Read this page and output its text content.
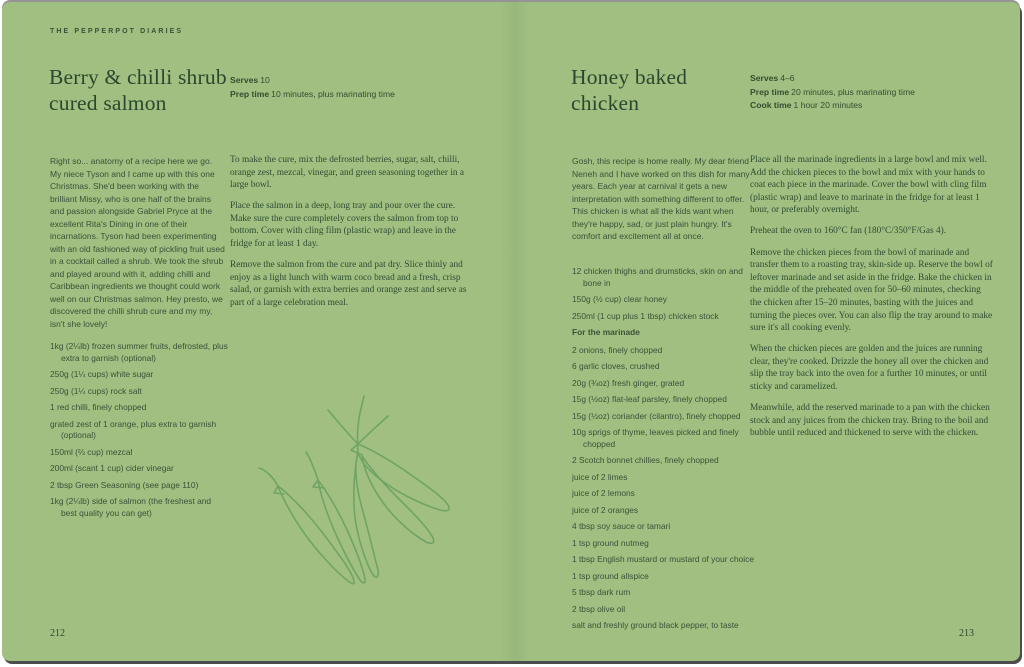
THE PEPPERPOT DIARIES
Berry & chilli shrub cured salmon
Serves 10
Prep time 10 minutes, plus marinating time

Right so... anatomy of a recipe here we go. My niece Tyson and I came up with this one Christmas. She'd been working with the brilliant Missy, who is one half of the brains and passion alongside Gabriel Pryce at the excellent Rita's Dining in one of their incarnations. Tyson had been experimenting with an old fashioned way of pickling fruit used in a cocktail called a shrub. We took the shrub and played around with it, adding chilli and Caribbean ingredients we thought could work well on our Christmas salmon. Hey presto, we discovered the chilli shrub cure and my my, isn't she lovely!

1kg (2¼lb) frozen summer fruits, defrosted, plus extra to garnish (optional)

250g (1¼ cups) white sugar

250g (1¼ cups) rock salt

1 red chilli, finely chopped

grated zest of 1 orange, plus extra to garnish (optional)

150ml (⅔ cup) mezcal

200ml (scant 1 cup) cider vinegar

2 tbsp Green Seasoning (see page 110)

1kg (2¼lb) side of salmon (the freshest and best quality you can get)

To make the cure, mix the defrosted berries, sugar, salt, chilli, orange zest, mezcal, vinegar, and green seasoning together in a large bowl.

Place the salmon in a deep, long tray and pour over the cure. Make sure the cure completely covers the salmon from top to bottom. Cover with cling film (plastic wrap) and leave in the fridge for at least 1 day.

Remove the salmon from the cure and pat dry. Slice thinly and enjoy as a light lunch with warm coco bread and a fresh, crisp salad, or garnish with extra berries and orange zest and serve as part of a large celebration meal.

212
Honey baked chicken
Serves 4–6
Prep time 20 minutes, plus marinating time
Cook time 1 hour 20 minutes

Gosh, this recipe is home really. My dear friend Neneh and I have worked on this dish for many years. Each year at carnival it gets a new interpretation with something different to offer. This chicken is what all the kids want when they're happy, sad, or just plain hungry. It's comfort and excitement all at once.

12 chicken thighs and drumsticks, skin on and bone in

150g (½ cup) clear honey

250ml (1 cup plus 1 tbsp) chicken stock

For the marinade

2 onions, finely chopped

6 garlic cloves, crushed

20g (¾oz) fresh ginger, grated

15g (½oz) flat-leaf parsley, finely chopped

15g (½oz) coriander (cilantro), finely chopped

10g sprigs of thyme, leaves picked and finely chopped

2 Scotch bonnet chillies, finely chopped

juice of 2 limes

juice of 2 lemons

juice of 2 oranges

4 tbsp soy sauce or tamari

1 tsp ground nutmeg

1 tbsp English mustard or mustard of your choice

1 tsp ground allspice

5 tbsp dark rum

2 tbsp olive oil

salt and freshly ground black pepper, to taste

Place all the marinade ingredients in a large bowl and mix well. Add the chicken pieces to the bowl and mix with your hands to coat each piece in the marinade. Cover the bowl with cling film (plastic wrap) and leave to marinate in the fridge for at least 1 hour, or preferably overnight.

Preheat the oven to 160°C fan (180°C/350°F/Gas 4).

Remove the chicken pieces from the bowl of marinade and transfer them to a roasting tray, skin-side up. Reserve the bowl of leftover marinade and set aside in the fridge. Bake the chicken in the middle of the preheated oven for 50–60 minutes, checking the chicken after 15–20 minutes, basting with the juices and turning the pieces over. You can also flip the tray around to make sure it's all cooking evenly.

When the chicken pieces are golden and the juices are running clear, they're cooked. Drizzle the honey all over the chicken and slip the tray back into the oven for a further 10 minutes, or until sticky and caramelized.

Meanwhile, add the reserved marinade to a pan with the chicken stock and any juices from the chicken tray. Bring to the boil and bubble until reduced and thickened to serve with the chicken.

213
